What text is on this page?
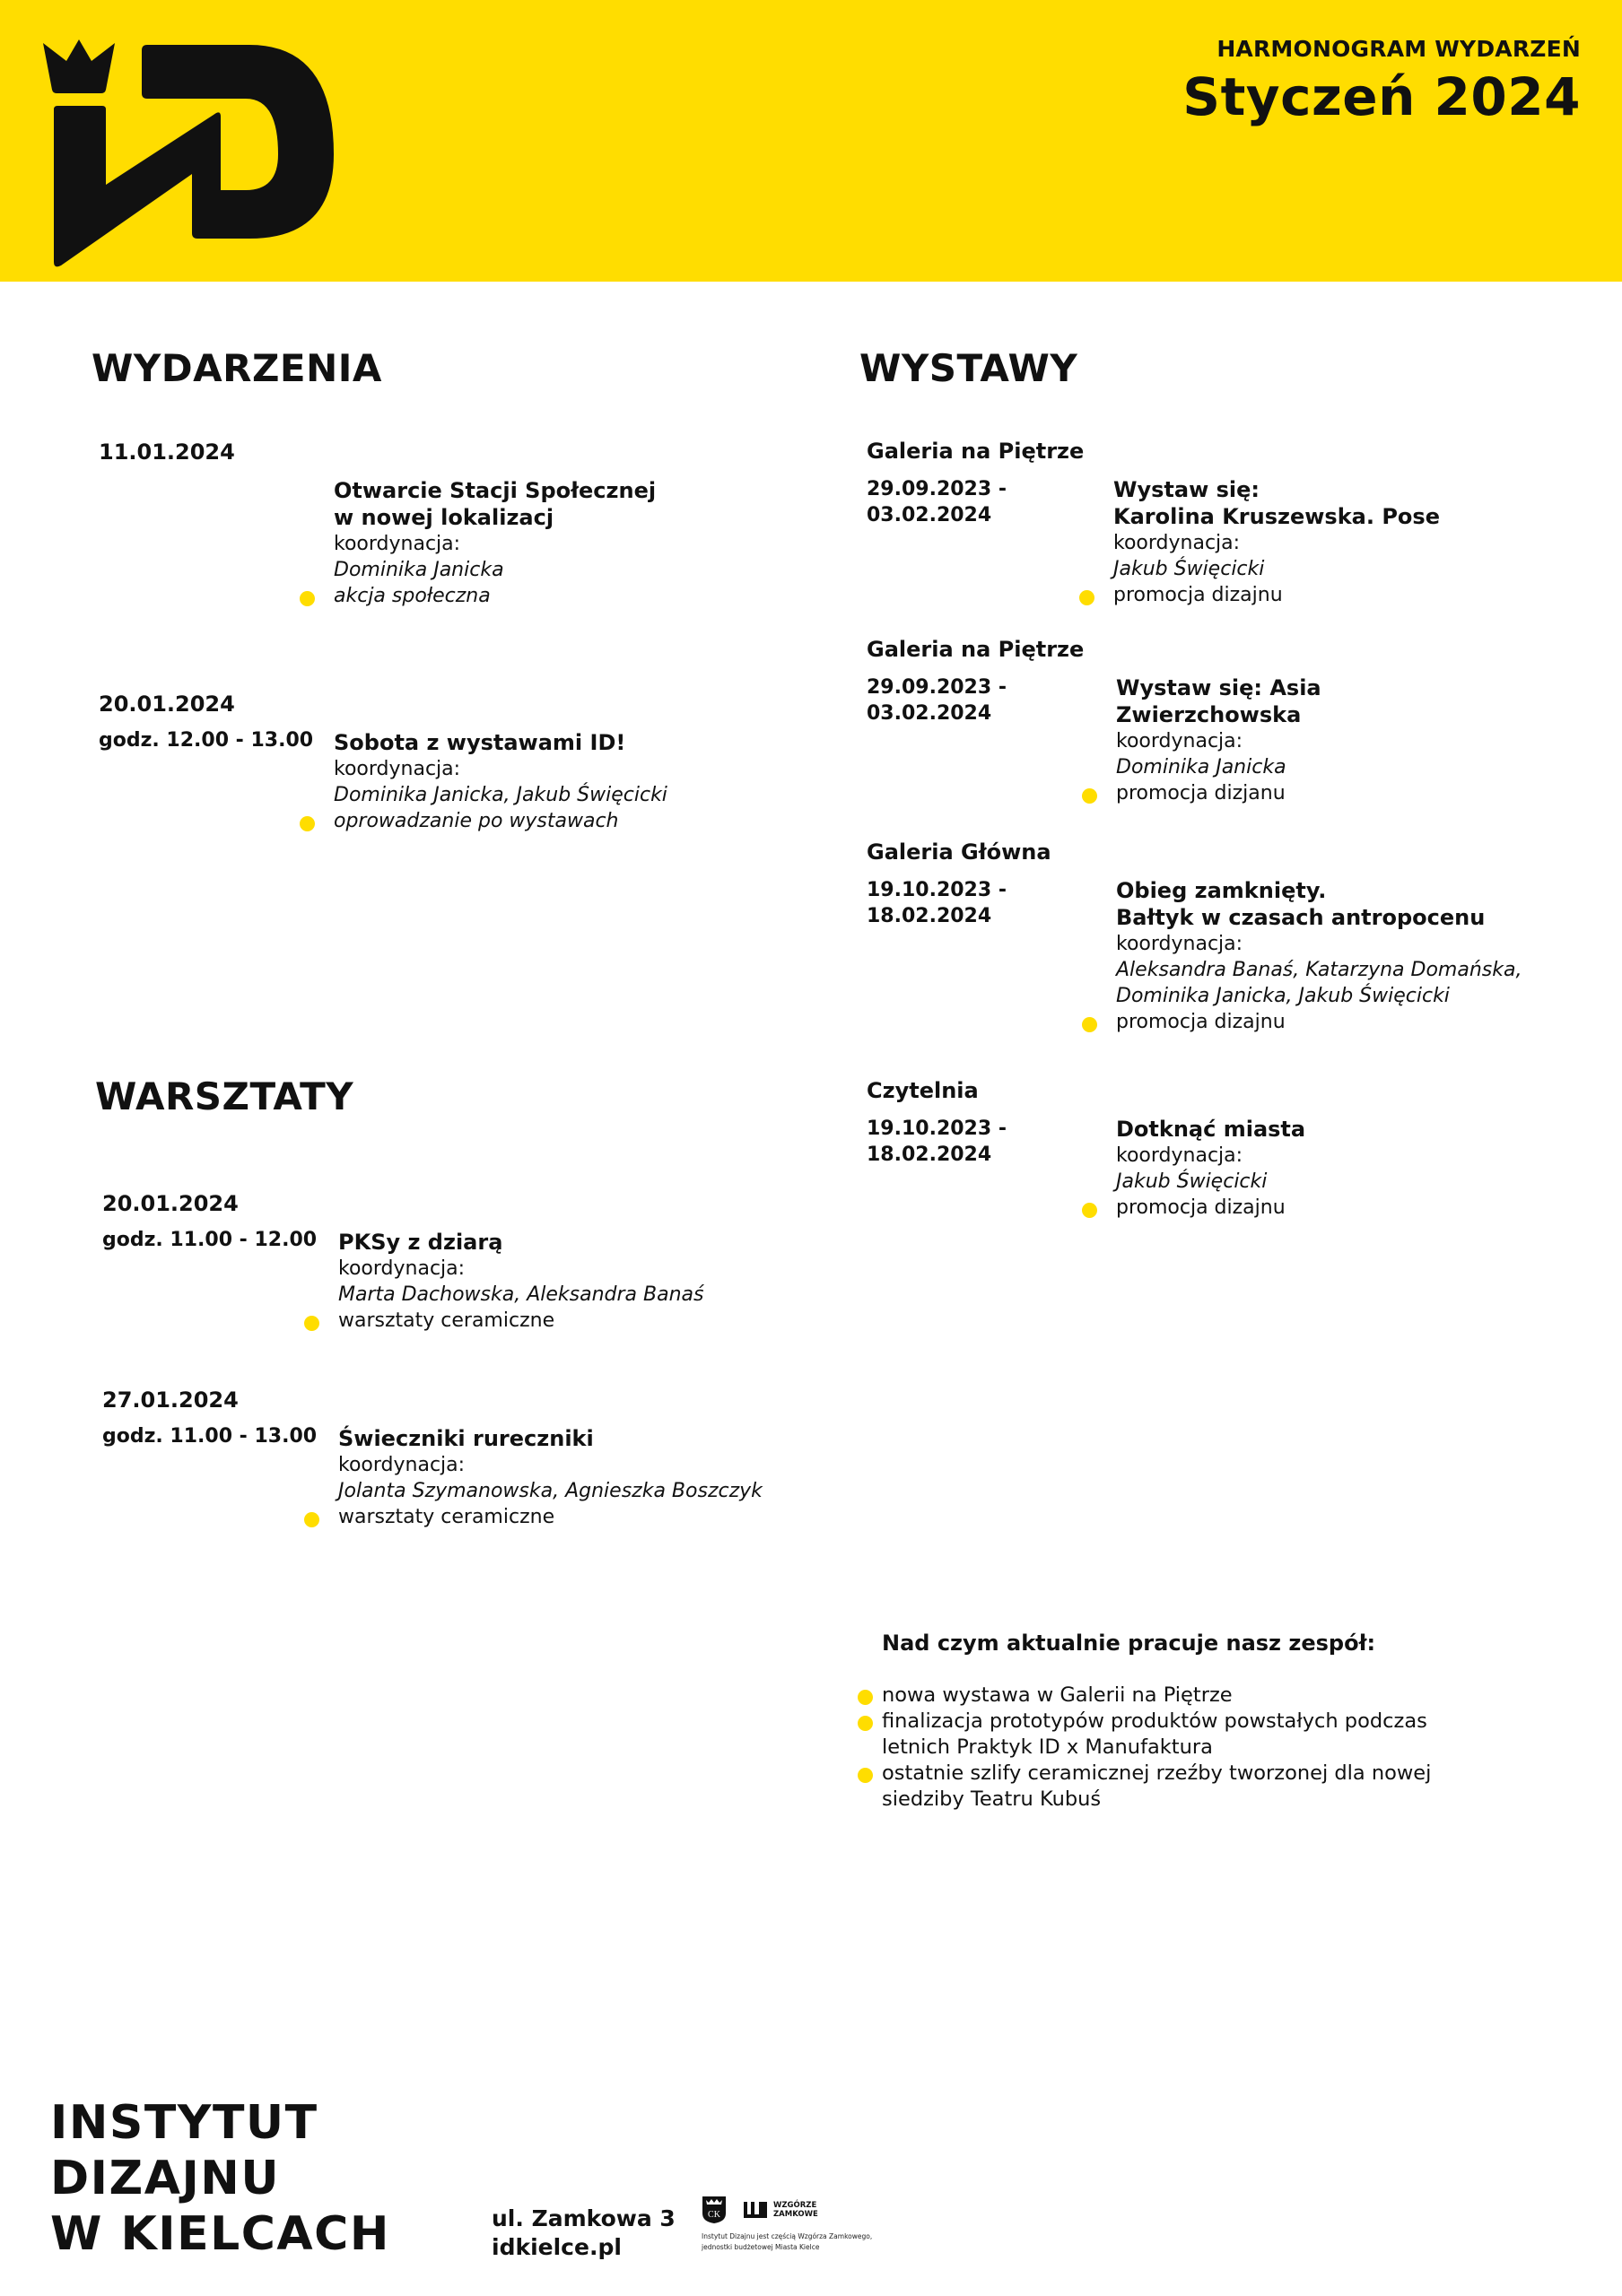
HARMONOGRAM WYDARZEŃ
Styczeń 2024
WYDARZENIA
11.01.2024
Otwarcie Stacji Społecznej
w nowej lokalizacj
koordynacja:
Dominika Janicka
akcja społeczna
20.01.2024
godz. 12.00 - 13.00 Sobota z wystawami ID!
koordynacja:
Dominika Janicka, Jakub Święcicki
oprowadzanie po wystawach
WARSZTATY
20.01.2024
godz. 11.00 - 12.00 PKSy z dziarą
koordynacja:
Marta Dachowska, Aleksandra Banaś
warsztaty ceramiczne
27.01.2024
godz. 11.00 - 13.00 Świeczniki rureczniki
koordynacja:
Jolanta Szymanowska, Agnieszka Boszczyk
warsztaty ceramiczne
WYSTAWY
Galeria na Piętrze
29.09.2023 -
03.02.2024
Wystaw się:
Karolina Kruszewska. Pose
koordynacja:
Jakub Święcicki
promocja dizajnu
Galeria na Piętrze
29.09.2023 -
03.02.2024
Wystaw się: Asia
Zwierzchowska
koordynacja:
Dominika Janicka
promocja dizjanu
Galeria Główna
19.10.2023 -
18.02.2024
Obieg zamknięty.
Bałtyk w czasach antropocenu
koordynacja:
Aleksandra Banaś, Katarzyna Domańska,
Dominika Janicka, Jakub Święcicki
promocja dizajnu
Czytelnia
19.10.2023 -
18.02.2024
Dotknąć miasta
koordynacja:
Jakub Święcicki
promocja dizajnu
Nad czym aktualnie pracuje nasz zespół:
nowa wystawa w Galerii na Piętrze
finalizacja prototypów produktów powstałych podczas
letnich Praktyk ID x Manufaktura
ostatnie szlify ceramicznej rzeźby tworzonej dla nowej
siedziby Teatru Kubuś
INSTYTUT
DIZAJNU
W KIELCACH	ul. Zamkowa 3
idkielce.pl
CK
WZGÓRZE
ZAMKOWE
Instytut Dizajnu jest częścią Wzgórza Zamkowego,
jednostki budżetowej Miasta Kielce
